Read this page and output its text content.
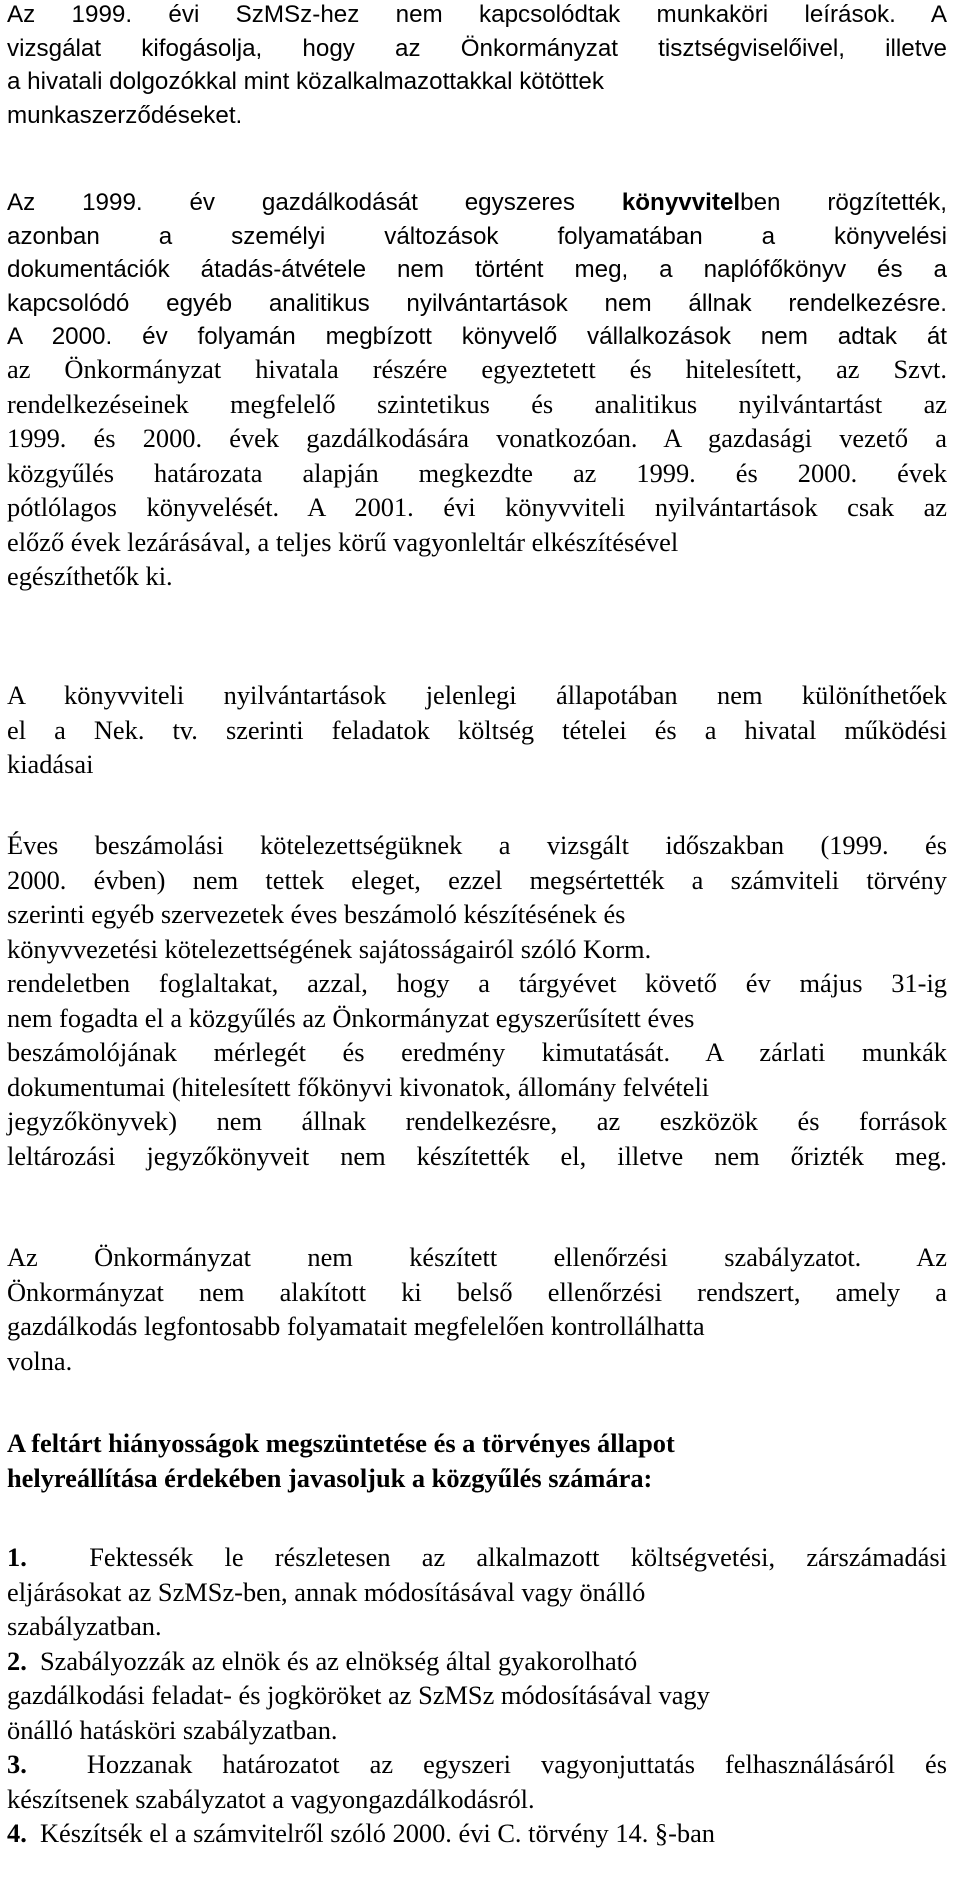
Az 1999. évi SzMSz-hez nem kapcsolódtak munkaköri leírások. A
vizsgálat kifogásolja, hogy az Önkormányzat tisztségviselőivel, illetve
a hivatali dolgozókkal mint közalkalmazottakkal kötöttek
munkaszerződéseket.
Az 1999. év gazdálkodását egyszeres könyvvitelben rögzítették,
azonban a személyi változások folyamatában a könyvelési
dokumentációk átadás-átvétele nem történt meg, a naplófőkönyv és a
kapcsolódó egyéb analitikus nyilvántartások nem állnak rendelkezésre.
A 2000. év folyamán megbízott könyvelő vállalkozások nem adtak át
az Önkormányzat hivatala részére egyeztetett és hitelesített, az Szvt.
rendelkezéseinek megfelelő szintetikus és analitikus nyilvántartást az
1999. és 2000. évek gazdálkodására vonatkozóan. A gazdasági vezető a
közgyűlés határozata alapján megkezdte az 1999. és 2000. évek
pótlólagos könyvelését. A 2001. évi könyvviteli nyilvántartások csak az
előző évek lezárásával, a teljes körű vagyonleltár elkészítésével
egészíthetők ki.
A könyvviteli nyilvántartások jelenlegi állapotában nem különíthetőek
el a Nek. tv. szerinti feladatok költség tételei és a hivatal működési
kiadásai
Éves beszámolási kötelezettségüknek a vizsgált időszakban (1999. és
2000. évben) nem tettek eleget, ezzel megsértették a számviteli törvény
szerinti egyéb szervezetek éves beszámoló készítésének és
könyvvezetési kötelezettségének sajátosságairól szóló Korm.
rendeletben foglaltakat, azzal, hogy a tárgyévet követő év május 31-ig
nem fogadta el a közgyűlés az Önkormányzat egyszerűsített éves
beszámolójának mérlegét és eredmény kimutatását. A zárlati munkák
dokumentumai (hitelesített főkönyvi kivonatok, állomány felvételi
jegyzőkönyvek) nem állnak rendelkezésre, az eszközök és források
leltározási jegyzőkönyveit nem készítették el, illetve nem őrizték meg.
Az Önkormányzat nem készített ellenőrzési szabályzatot. Az
Önkormányzat nem alakított ki belső ellenőrzési rendszert, amely a
gazdálkodás legfontosabb folyamatait megfelelően kontrollálhatta
volna.
A feltárt hiányosságok megszüntetése és a törvényes állapot
helyreállítása érdekében javasoljuk a közgyűlés számára:
1. Fektessék le részletesen az alkalmazott költségvetési, zárszámadási
eljárásokat az SzMSz-ben, annak módosításával vagy önálló
szabályzatban.
2. Szabályozzák az elnök és az elnökség által gyakorolható
gazdálkodási feladat- és jogköröket az SzMSz módosításával vagy
önálló hatásköri szabályzatban.
3. Hozzanak határozatot az egyszeri vagyonjuttatás felhasználásáról és
készítsenek szabályzatot a vagyongazdálkodásról.
4. Készítsék el a számvitelről szóló 2000. évi C. törvény 14. §-ban
